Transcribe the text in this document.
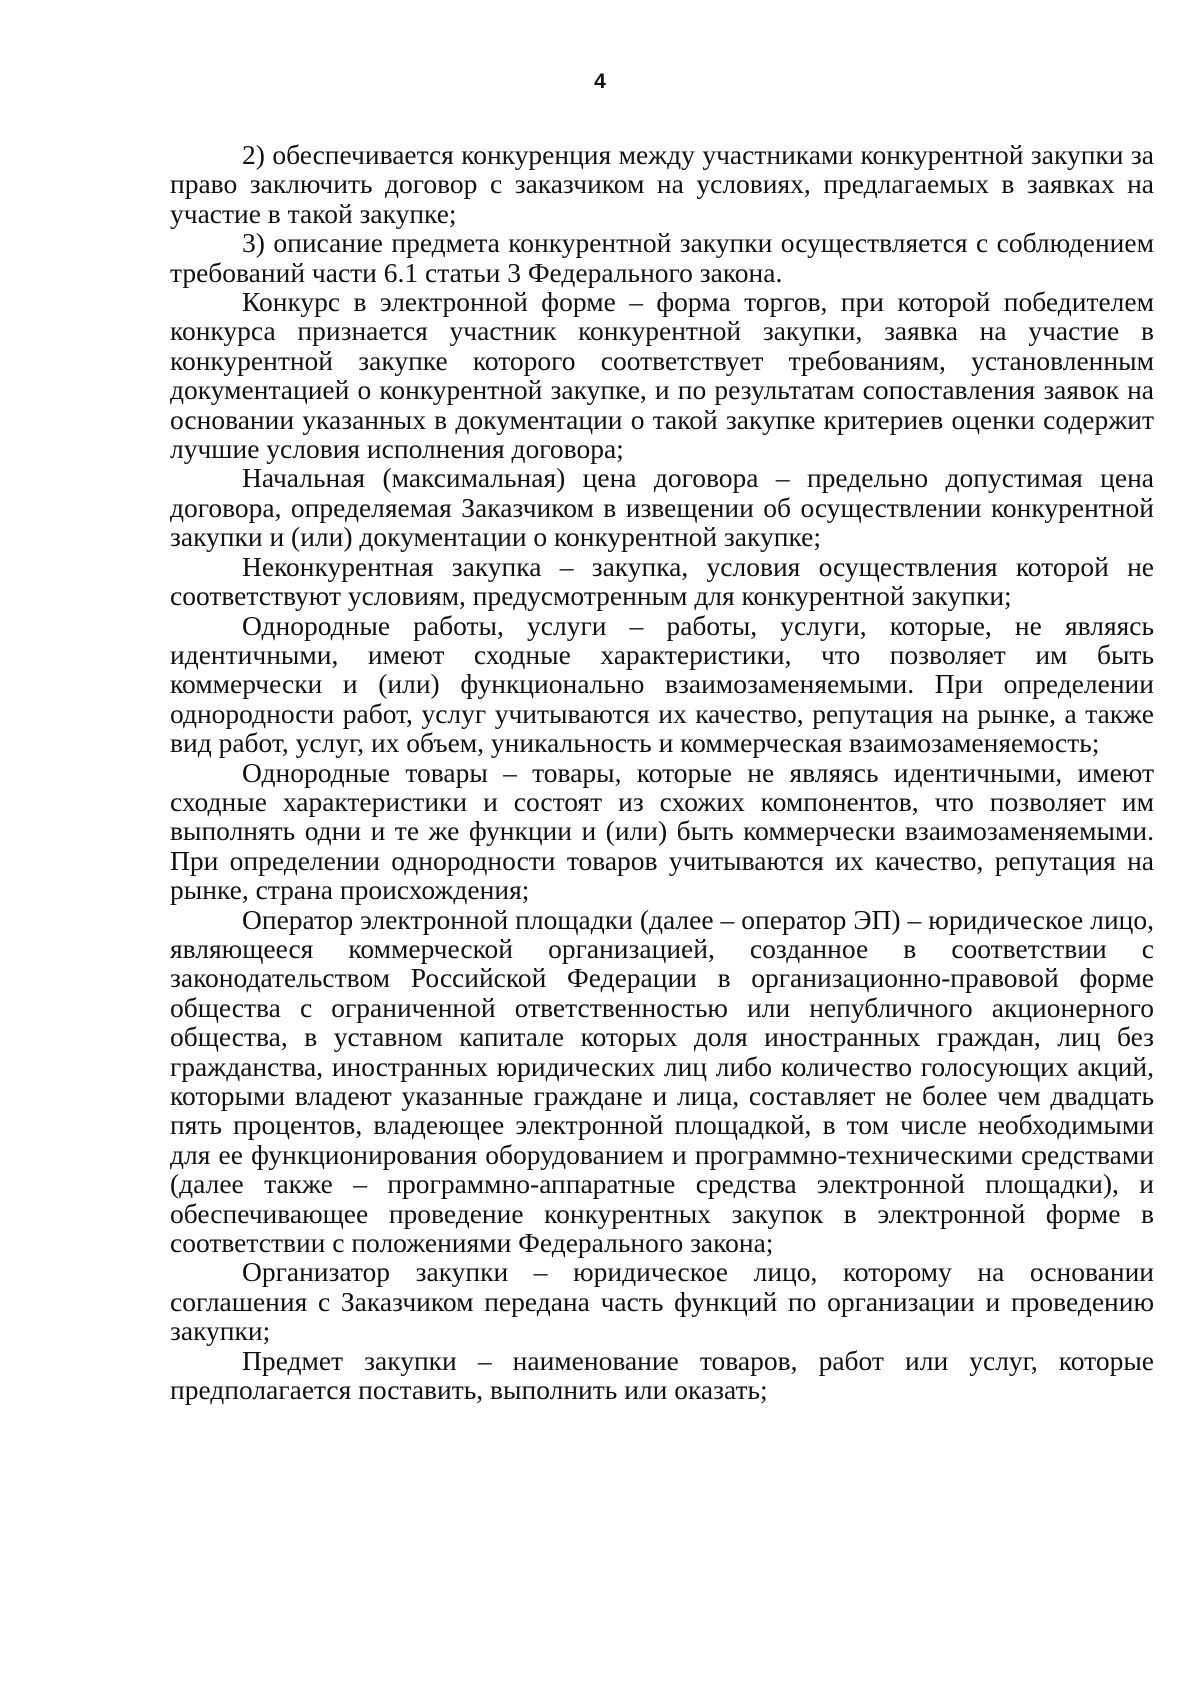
4

2) обеспечивается конкуренция между участниками конкурентной закупки за право заключить договор с заказчиком на условиях, предлагаемых в заявках на участие в такой закупке;

3) описание предмета конкурентной закупки осуществляется с соблюдением требований части 6.1 статьи 3 Федерального закона.

Конкурс в электронной форме – форма торгов, при которой победителем конкурса признается участник конкурентной закупки, заявка на участие в конкурентной закупке которого соответствует требованиям, установленным документацией о конкурентной закупке, и по результатам сопоставления заявок на основании указанных в документации о такой закупке критериев оценки содержит лучшие условия исполнения договора;

Начальная (максимальная) цена договора – предельно допустимая цена договора, определяемая Заказчиком в извещении об осуществлении конкурентной закупки и (или) документации о конкурентной закупке;

Неконкурентная закупка – закупка, условия осуществления которой не соответствуют условиям, предусмотренным для конкурентной закупки;

Однородные работы, услуги – работы, услуги, которые, не являясь идентичными, имеют сходные характеристики, что позволяет им быть коммерчески и (или) функционально взаимозаменяемыми. При определении однородности работ, услуг учитываются их качество, репутация на рынке, а также вид работ, услуг, их объем, уникальность и коммерческая взаимозаменяемость;

Однородные товары – товары, которые не являясь идентичными, имеют сходные характеристики и состоят из схожих компонентов, что позволяет им выполнять одни и те же функции и (или) быть коммерчески взаимозаменяемыми. При определении однородности товаров учитываются их качество, репутация на рынке, страна происхождения;

Оператор электронной площадки (далее – оператор ЭП) – юридическое лицо, являющееся коммерческой организацией, созданное в соответствии с законодательством Российской Федерации в организационно-правовой форме общества с ограниченной ответственностью или непубличного акционерного общества, в уставном капитале которых доля иностранных граждан, лиц без гражданства, иностранных юридических лиц либо количество голосующих акций, которыми владеют указанные граждане и лица, составляет не более чем двадцать пять процентов, владеющее электронной площадкой, в том числе необходимыми для ее функционирования оборудованием и программно-техническими средствами (далее также – программно-аппаратные средства электронной площадки), и обеспечивающее проведение конкурентных закупок в электронной форме в соответствии с положениями Федерального закона;

Организатор закупки – юридическое лицо, которому на основании соглашения с Заказчиком передана часть функций по организации и проведению закупки;

Предмет закупки – наименование товаров, работ или услуг, которые предполагается поставить, выполнить или оказать;
